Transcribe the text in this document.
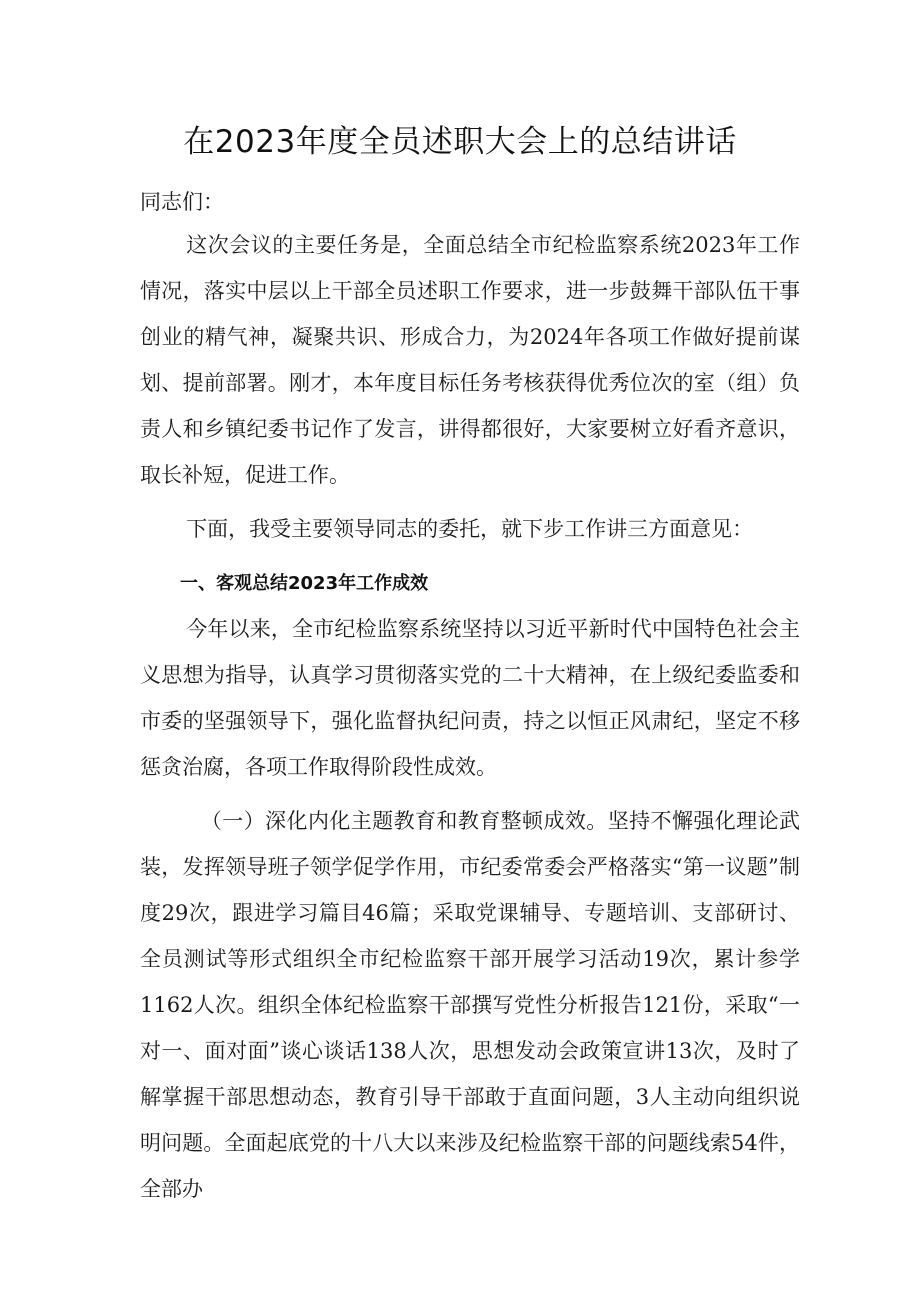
在2023年度全员述职大会上的总结讲话

同志们：

这次会议的主要任务是，全面总结全市纪检监察系统2023年工作情况，落实中层以上干部全员述职工作要求，进一步鼓舞干部队伍干事创业的精气神，凝聚共识、形成合力，为2024年各项工作做好提前谋划、提前部署。刚才，本年度目标任务考核获得优秀位次的室（组）负责人和乡镇纪委书记作了发言，讲得都很好，大家要树立好看齐意识，取长补短，促进工作。

下面，我受主要领导同志的委托，就下步工作讲三方面意见：

一、客观总结2023年工作成效

今年以来，全市纪检监察系统坚持以习近平新时代中国特色社会主义思想为指导，认真学习贯彻落实党的二十大精神，在上级纪委监委和市委的坚强领导下，强化监督执纪问责，持之以恒正风肃纪，坚定不移惩贪治腐，各项工作取得阶段性成效。

（一）深化内化主题教育和教育整顿成效。坚持不懈强化理论武装，发挥领导班子领学促学作用，市纪委常委会严格落实“第一议题”制度29次，跟进学习篇目46篇；采取党课辅导、专题培训、支部研讨、全员测试等形式组织全市纪检监察干部开展学习活动19次，累计参学1162人次。组织全体纪检监察干部撰写党性分析报告121份，采取“一对一、面对面”谈心谈话138人次，思想发动会政策宣讲13次，及时了解掌握干部思想动态，教育引导干部敢于直面问题，3人主动向组织说明问题。全面起底党的十八大以来涉及纪检监察干部的问题线索54件，全部办
